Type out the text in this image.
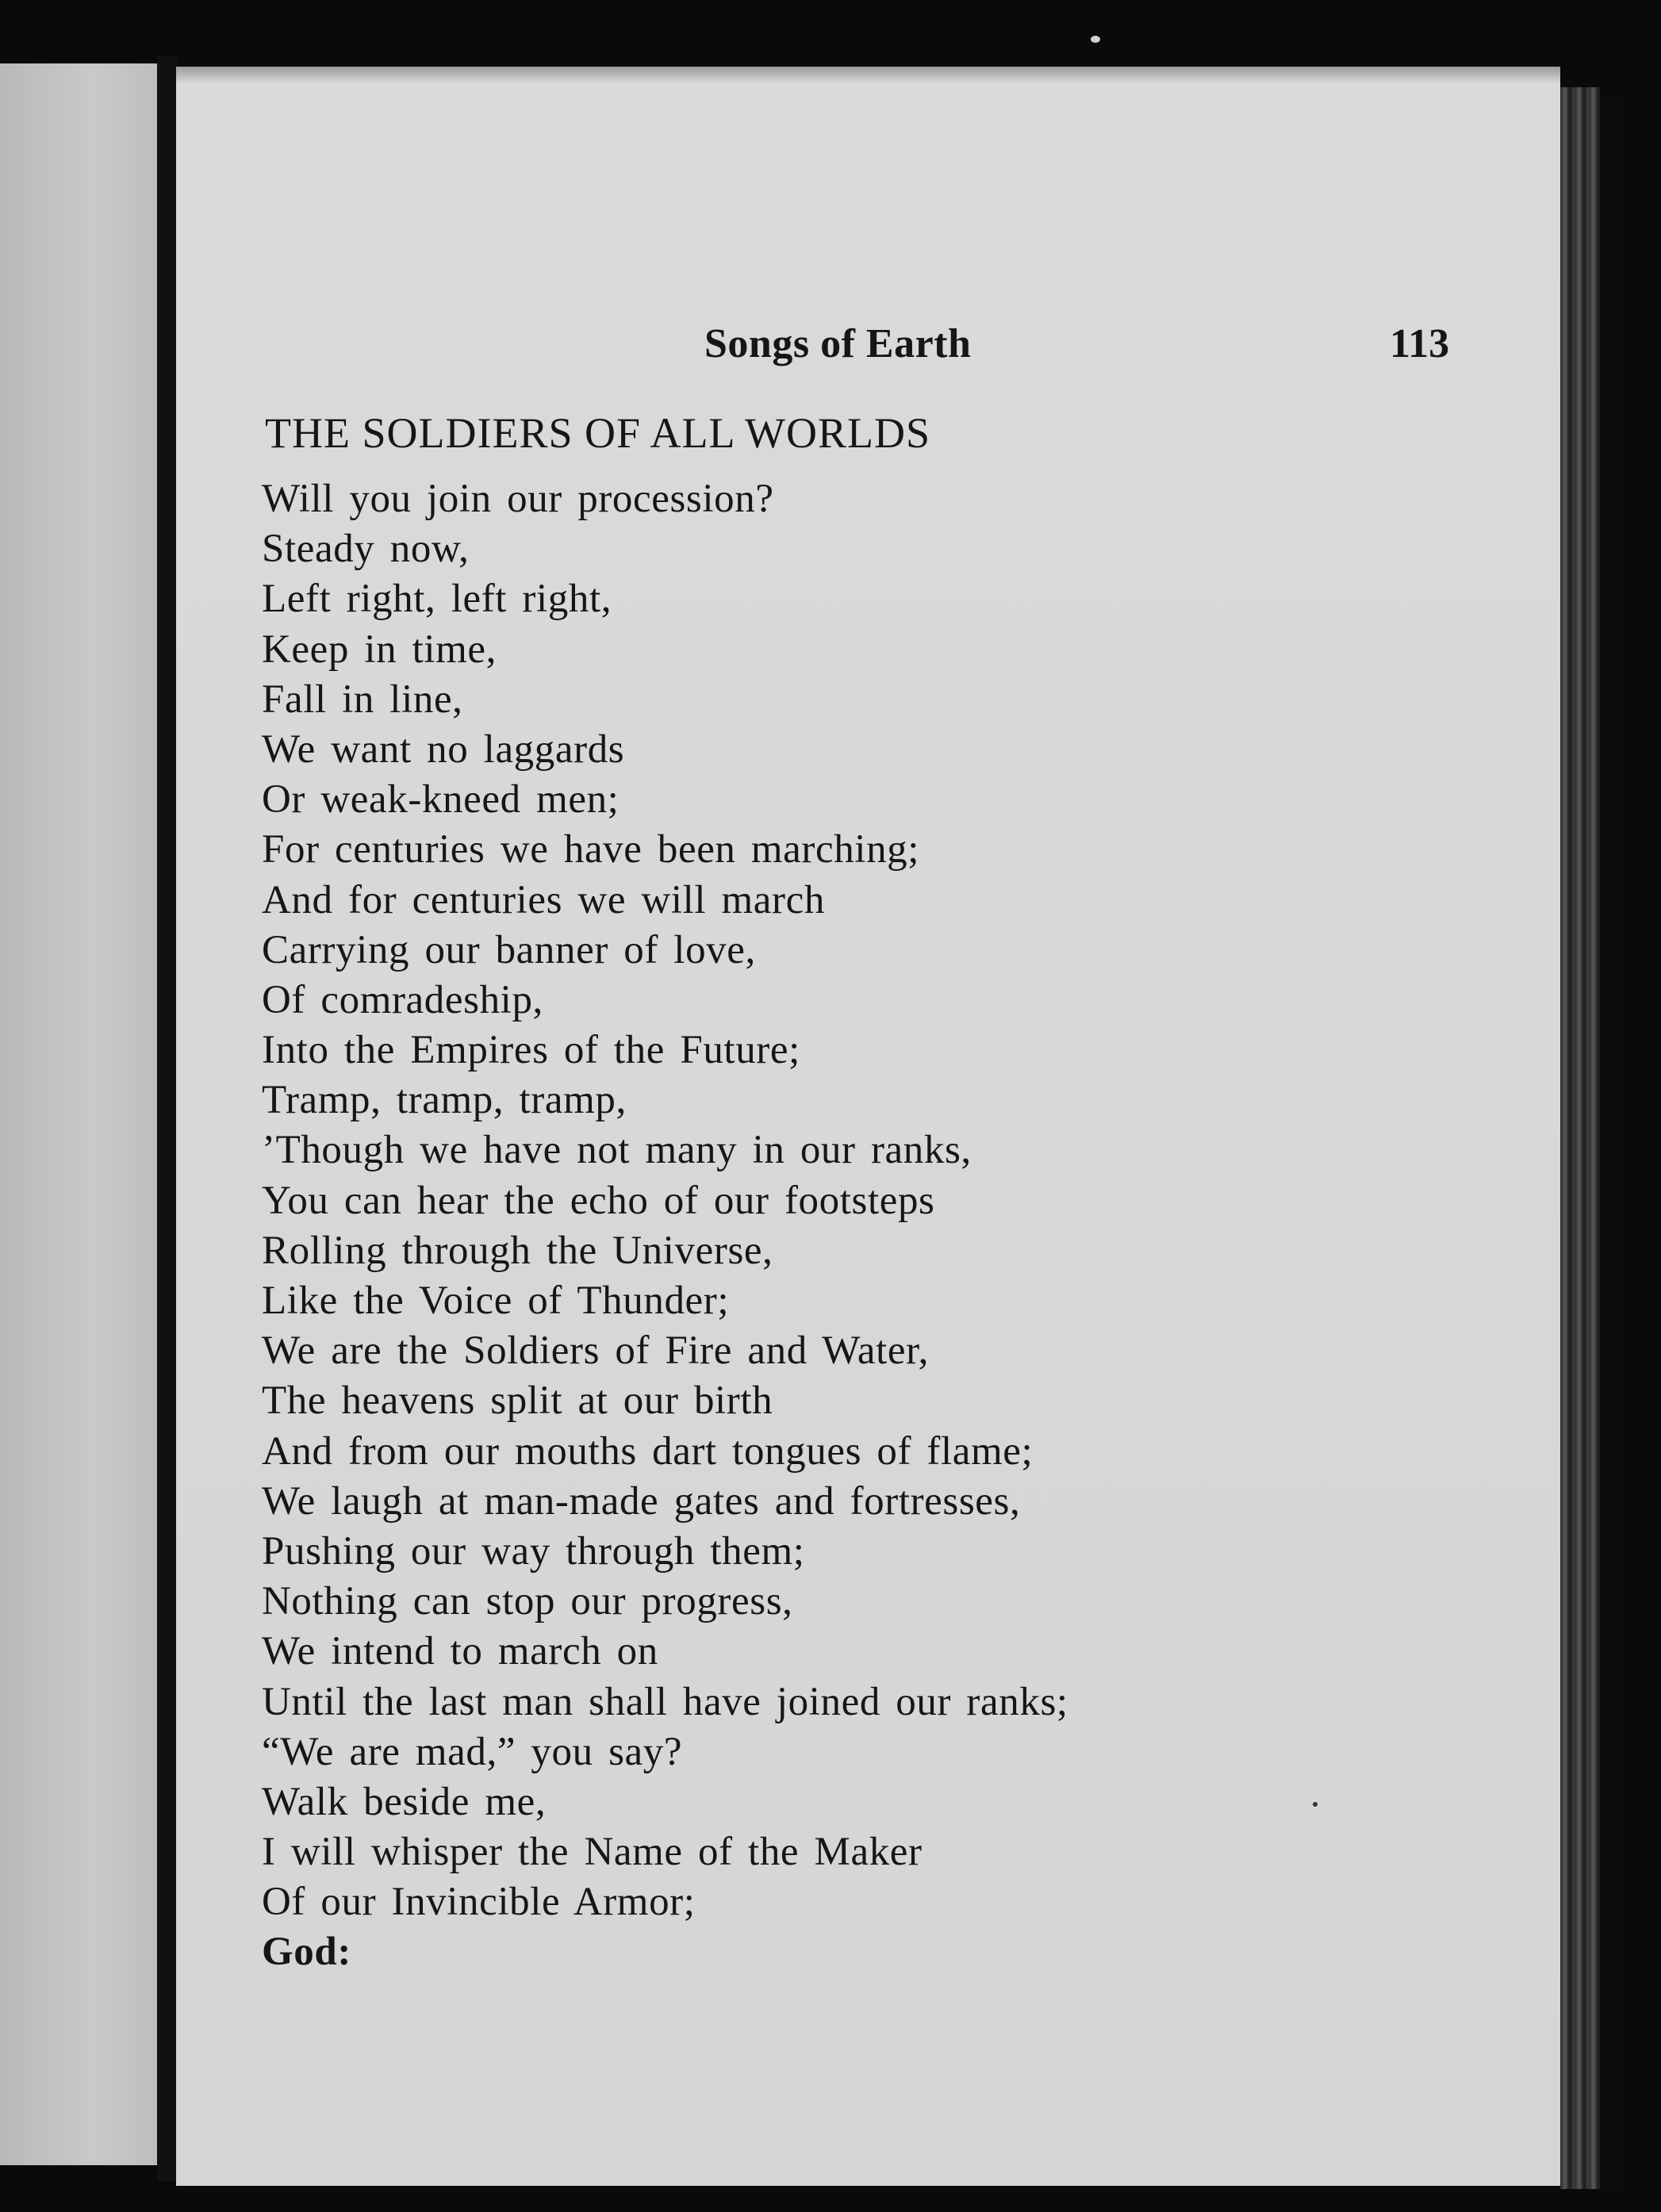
Songs of Earth	113
THE SOLDIERS OF ALL WORLDS
Will you join our procession?
Steady now,
Left right, left right,
Keep in time,
Fall in line,
We want no laggards
Or weak-kneed men;
For centuries we have been marching;
And for centuries we will march
Carrying our banner of love,
Of comradeship,
Into the Empires of the Future;
Tramp, tramp, tramp,
’Though we have not many in our ranks,
You can hear the echo of our footsteps
Rolling through the Universe,
Like the Voice of Thunder;
We are the Soldiers of Fire and Water,
The heavens split at our birth
And from our mouths dart tongues of flame;
We laugh at man-made gates and fortresses,
Pushing our way through them;
Nothing can stop our progress,
We intend to march on
Until the last man shall have joined our ranks;
“We are mad,” you say?
Walk beside me,
I will whisper the Name of the Maker
Of our Invincible Armor;
God:
